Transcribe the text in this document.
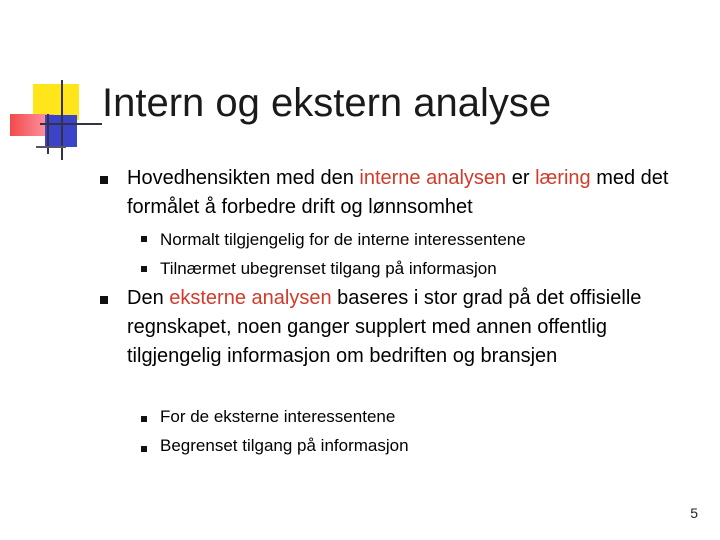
Intern og ekstern analyse
Hovedhensikten med den interne analysen er læring med det formålet å forbedre drift og lønnsomhet
Normalt tilgjengelig for de interne interessentene
Tilnærmet ubegrenset tilgang på informasjon
Den eksterne analysen baseres i stor grad på det offisielle regnskapet, noen ganger supplert med annen offentlig tilgjengelig informasjon om bedriften og bransjen
For de eksterne interessentene
Begrenset tilgang på informasjon
5
